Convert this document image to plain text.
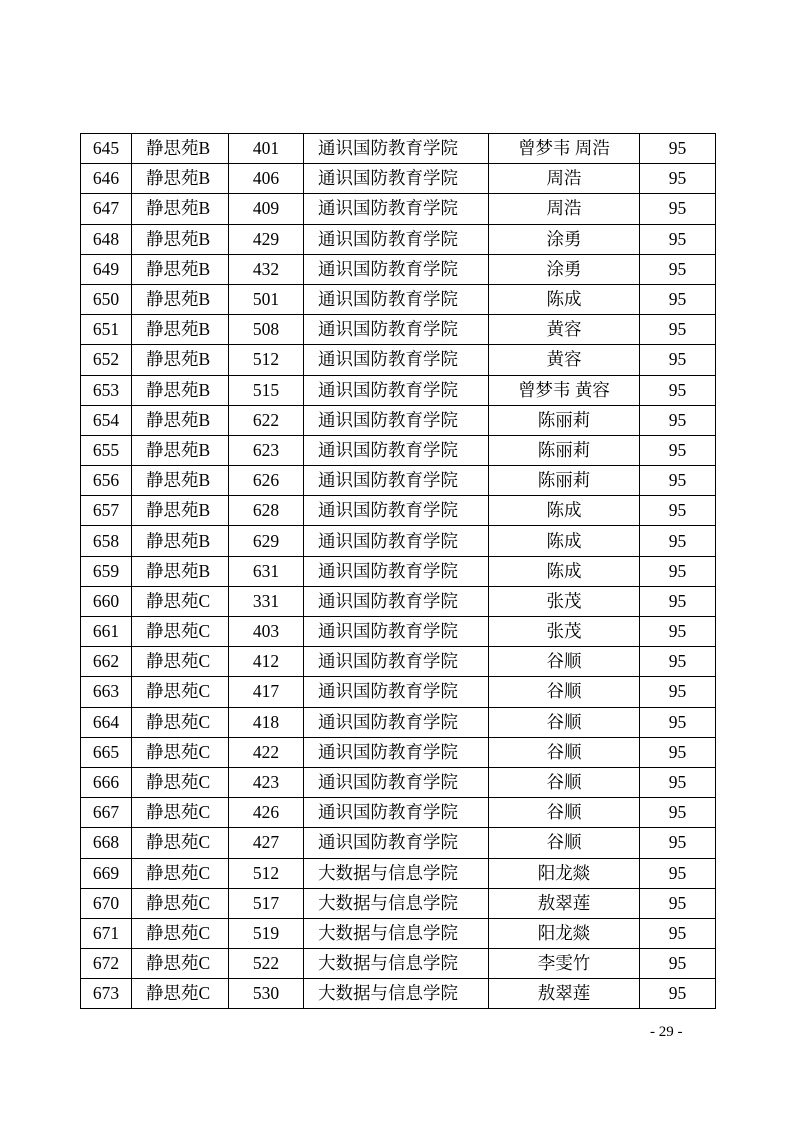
645	静思苑B	401	通识国防教育学院	曾梦韦 周浩	95
646	静思苑B	406	通识国防教育学院	周浩	95
647	静思苑B	409	通识国防教育学院	周浩	95
648	静思苑B	429	通识国防教育学院	涂勇	95
649	静思苑B	432	通识国防教育学院	涂勇	95
650	静思苑B	501	通识国防教育学院	陈成	95
651	静思苑B	508	通识国防教育学院	黄容	95
652	静思苑B	512	通识国防教育学院	黄容	95
653	静思苑B	515	通识国防教育学院	曾梦韦 黄容	95
654	静思苑B	622	通识国防教育学院	陈丽莉	95
655	静思苑B	623	通识国防教育学院	陈丽莉	95
656	静思苑B	626	通识国防教育学院	陈丽莉	95
657	静思苑B	628	通识国防教育学院	陈成	95
658	静思苑B	629	通识国防教育学院	陈成	95
659	静思苑B	631	通识国防教育学院	陈成	95
660	静思苑C	331	通识国防教育学院	张茂	95
661	静思苑C	403	通识国防教育学院	张茂	95
662	静思苑C	412	通识国防教育学院	谷顺	95
663	静思苑C	417	通识国防教育学院	谷顺	95
664	静思苑C	418	通识国防教育学院	谷顺	95
665	静思苑C	422	通识国防教育学院	谷顺	95
666	静思苑C	423	通识国防教育学院	谷顺	95
667	静思苑C	426	通识国防教育学院	谷顺	95
668	静思苑C	427	通识国防教育学院	谷顺	95
669	静思苑C	512	大数据与信息学院	阳龙燚	95
670	静思苑C	517	大数据与信息学院	敖翠莲	95
671	静思苑C	519	大数据与信息学院	阳龙燚	95
672	静思苑C	522	大数据与信息学院	李雯竹	95
673	静思苑C	530	大数据与信息学院	敖翠莲	95
- 29 -
